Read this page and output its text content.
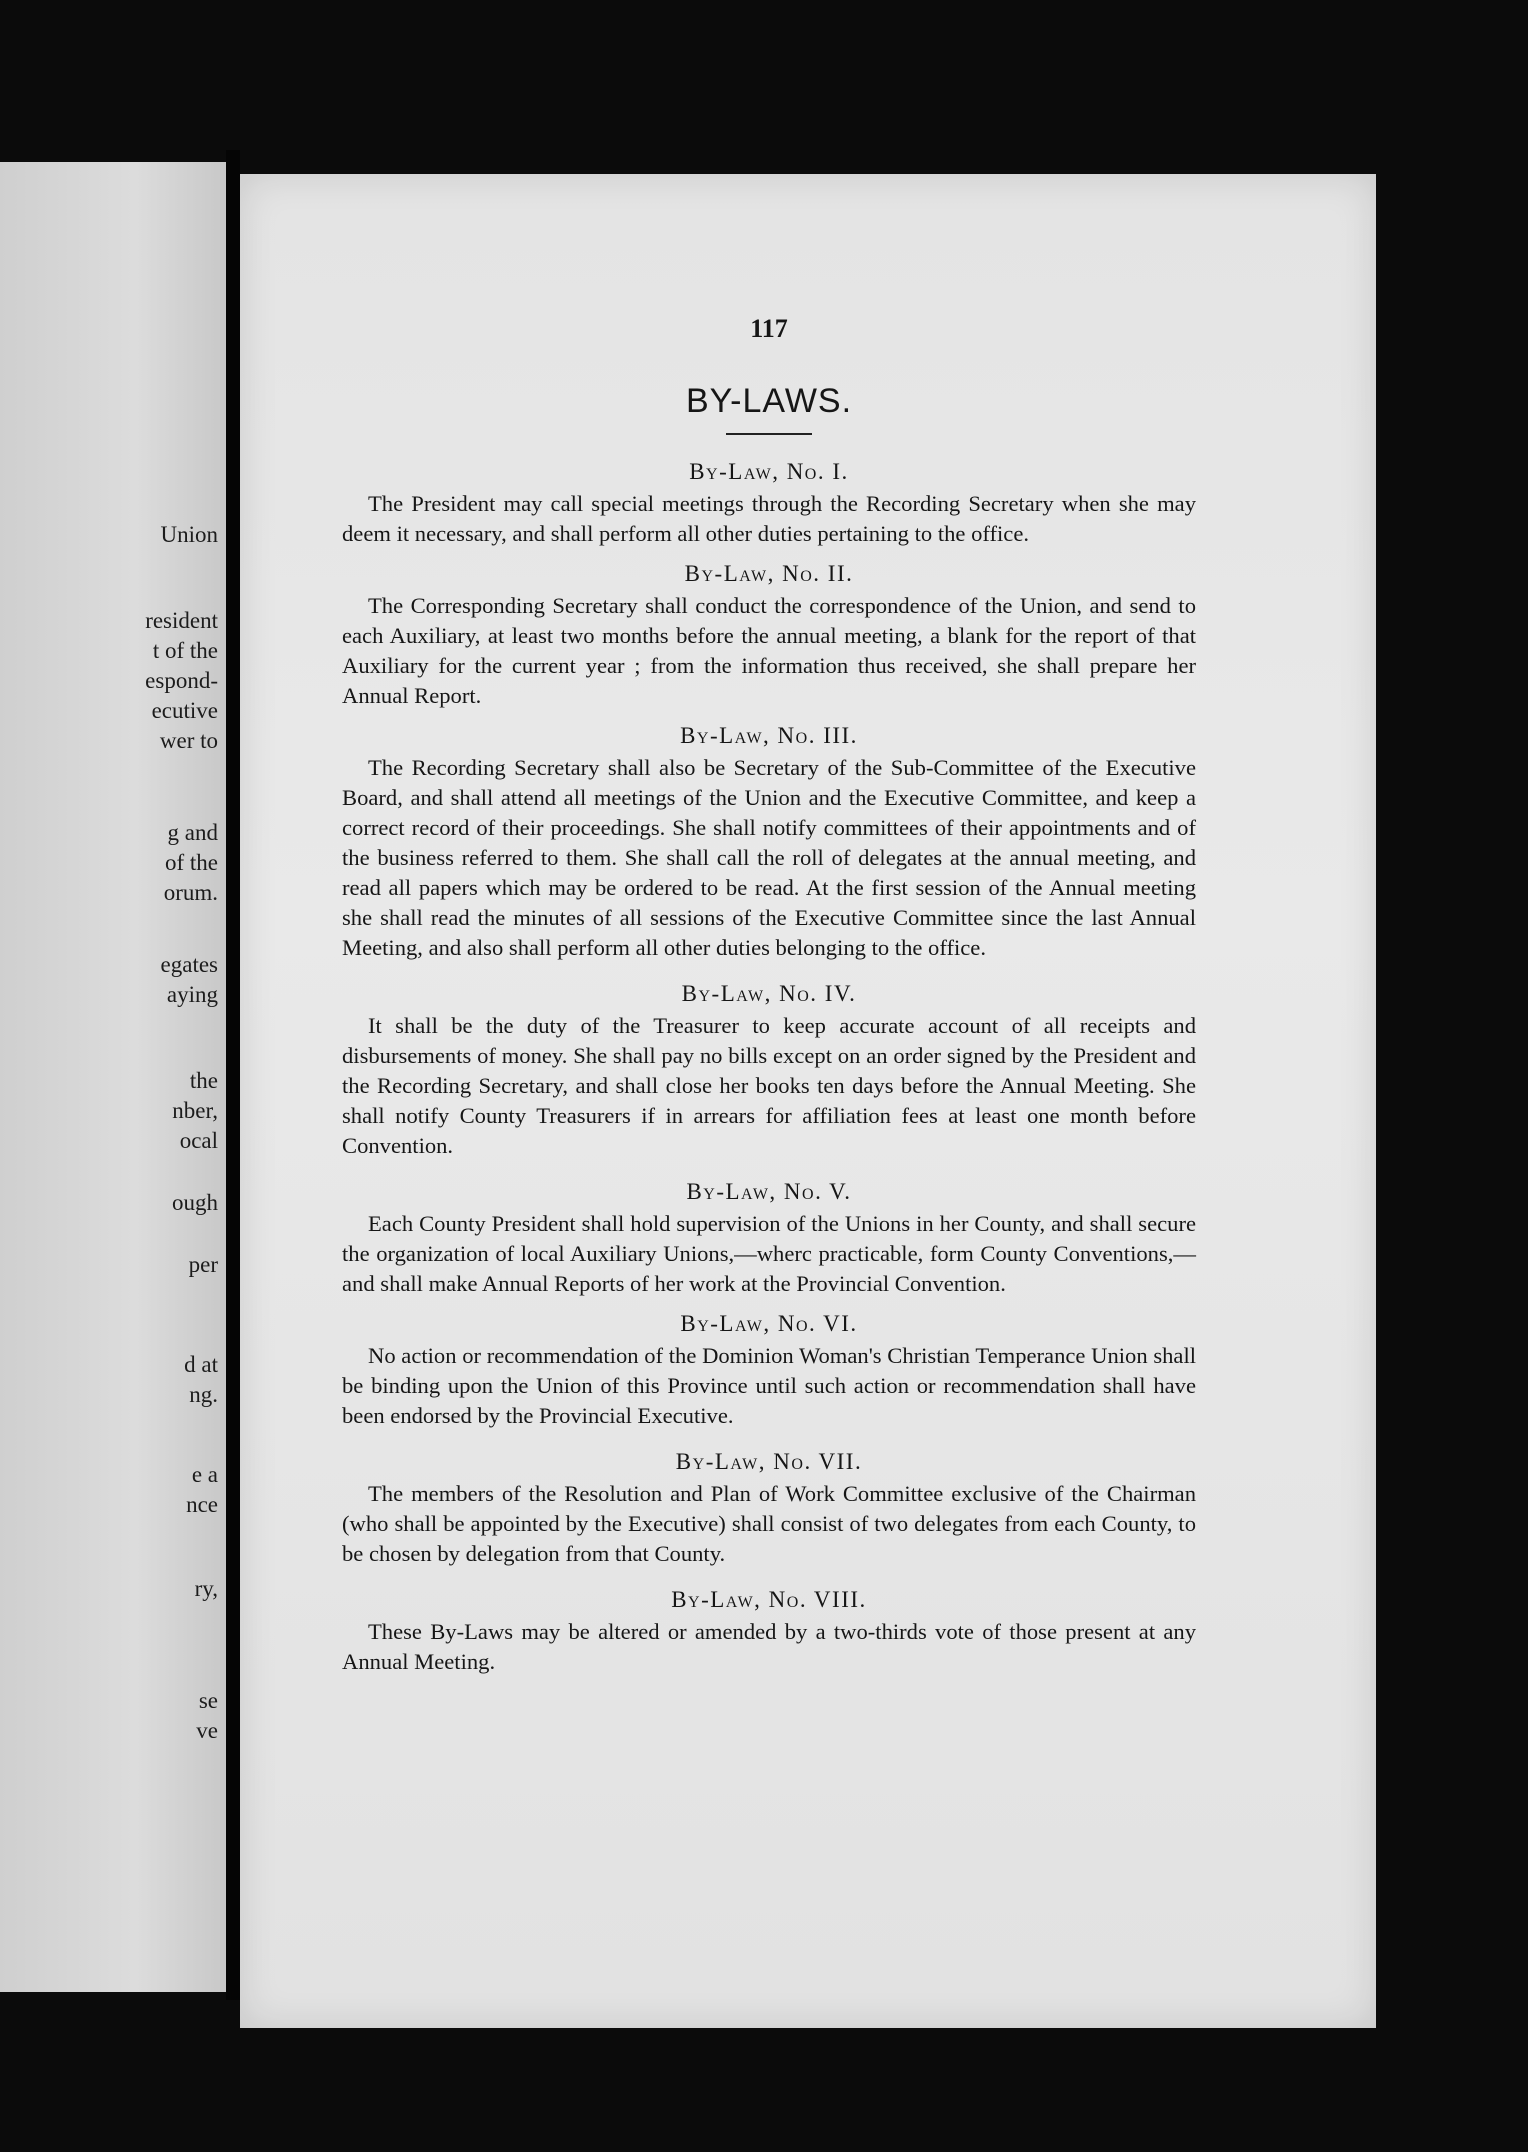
Union
resident
t of the
espond-
ecutive
wer to
g and
of the
orum.
egates
aying
the
nber,
ocal
ough
per
d at
ng.
e a
nce
ry,
se
ve
117
BY-LAWS.
By-Law, No. I.

The President may call special meetings through the Recording Secretary when she may deem it necessary, and shall perform all other duties pertaining to the office.

By-Law, No. II.

The Corresponding Secretary shall conduct the correspondence of the Union, and send to each Auxiliary, at least two months before the annual meeting, a blank for the report of that Auxiliary for the current year ; from the information thus received, she shall prepare her Annual Report.

By-Law, No. III.

The Recording Secretary shall also be Secretary of the Sub-Committee of the Executive Board, and shall attend all meetings of the Union and the Executive Committee, and keep a correct record of their proceedings. She shall notify committees of their appointments and of the business referred to them. She shall call the roll of delegates at the annual meeting, and read all papers which may be ordered to be read. At the first session of the Annual meeting she shall read the minutes of all sessions of the Executive Committee since the last Annual Meeting, and also shall perform all other duties belonging to the office.

By-Law, No. IV.

It shall be the duty of the Treasurer to keep accurate account of all receipts and disbursements of money. She shall pay no bills except on an order signed by the President and the Recording Secretary, and shall close her books ten days before the Annual Meeting. She shall notify County Treasurers if in arrears for affiliation fees at least one month before Convention.

By-Law, No. V.

Each County President shall hold supervision of the Unions in her County, and shall secure the organization of local Auxiliary Unions,—wherc practicable, form County Conventions,—and shall make Annual Reports of her work at the Provincial Convention.

By-Law, No. VI.

No action or recommendation of the Dominion Woman's Christian Temperance Union shall be binding upon the Union of this Province until such action or recommendation shall have been endorsed by the Provincial Executive.

By-Law, No. VII.

The members of the Resolution and Plan of Work Committee exclusive of the Chairman (who shall be appointed by the Executive) shall consist of two delegates from each County, to be chosen by delegation from that County.

By-Law, No. VIII.

These By-Laws may be altered or amended by a two-thirds vote of those present at any Annual Meeting.
